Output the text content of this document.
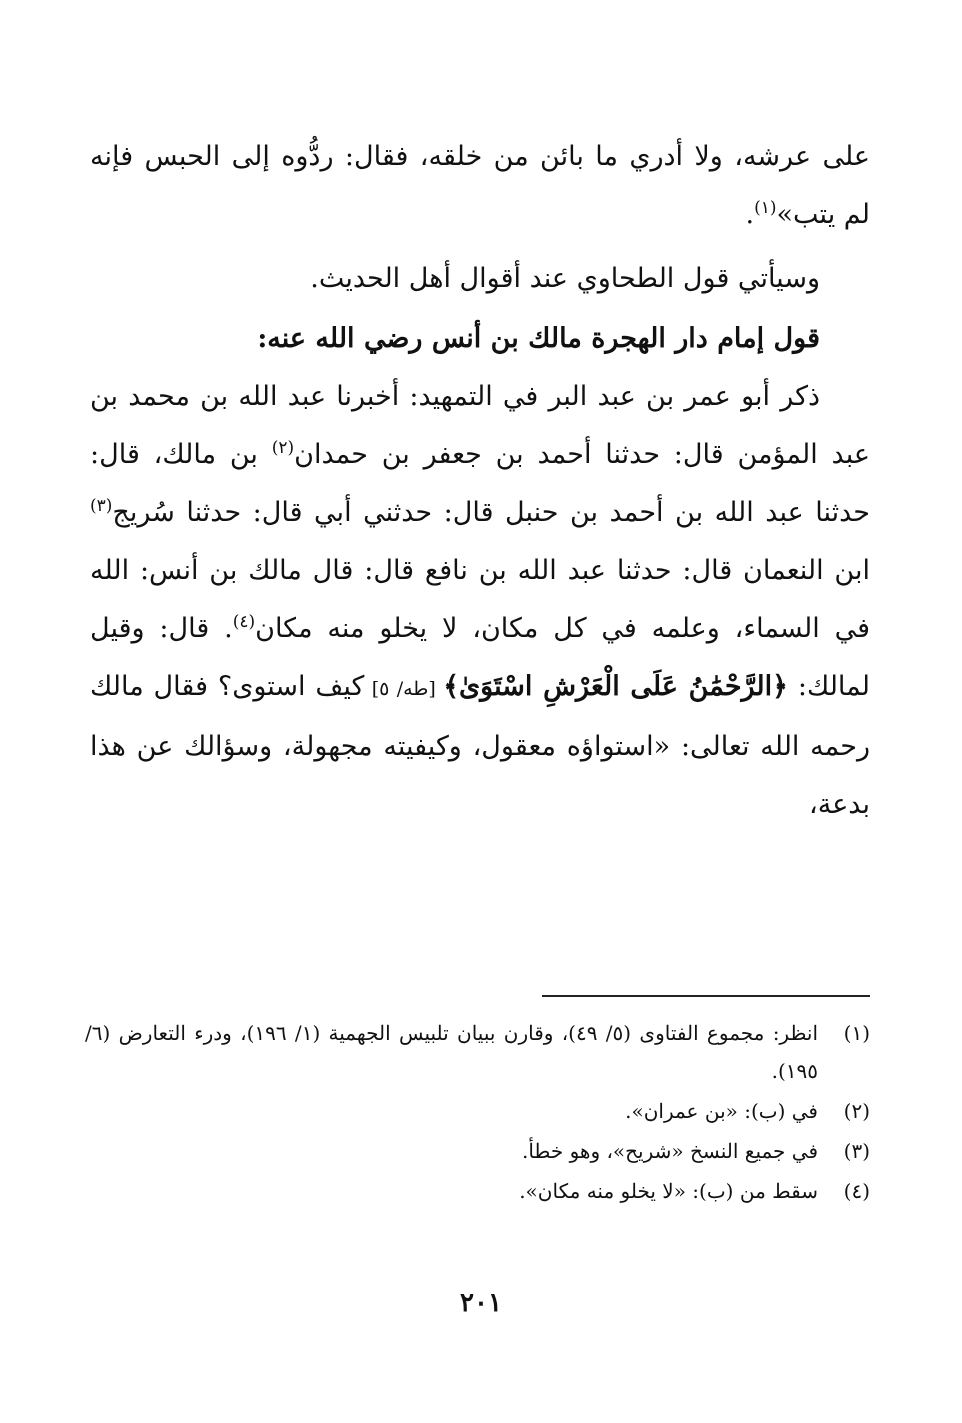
على عرشه، ولا أدري ما بائن من خلقه، فقال: ردُّوه إلى الحبس فإنه لم يتب»$^{(١)}$.

وسيأتي قول الطحاوي عند أقوال أهل الحديث.

قول إمام دار الهجرة مالك بن أنس رضي الله عنه:

ذكر أبو عمر بن عبد البر في التمهيد: أخبرنا عبد الله بن محمد بن عبد المؤمن قال: حدثنا أحمد بن جعفر بن حمدان$^{(٢)}$ بن مالك، قال: حدثنا عبد الله بن أحمد بن حنبل قال: حدثني أبي قال: حدثنا سُريج$^{(٣)}$ ابن النعمان قال: حدثنا عبد الله بن نافع قال: قال مالك بن أنس: الله في السماء، وعلمه في كل مكان، لا يخلو منه مكان$^{(٤)}$. قال: وقيل لمالك: ﴿الرَّحْمَٰنُ عَلَى الْعَرْشِ اسْتَوَىٰ﴾ [طه/ ٥] كيف استوى؟ فقال مالك رحمه الله تعالى: «استواؤه معقول، وكيفيته مجهولة، وسؤالك عن هذا بدعة،

(١)
انظر: مجموع الفتاوى (٥/ ٤٩)، وقارن ببيان تلبيس الجهمية (١/ ١٩٦)، ودرء التعارض (٦/ ١٩٥).
(٢)
في (ب): «بن عمران».
(٣)
في جميع النسخ «شريح»، وهو خطأ.
(٤)
سقط من (ب): «لا يخلو منه مكان».
٢٠١
